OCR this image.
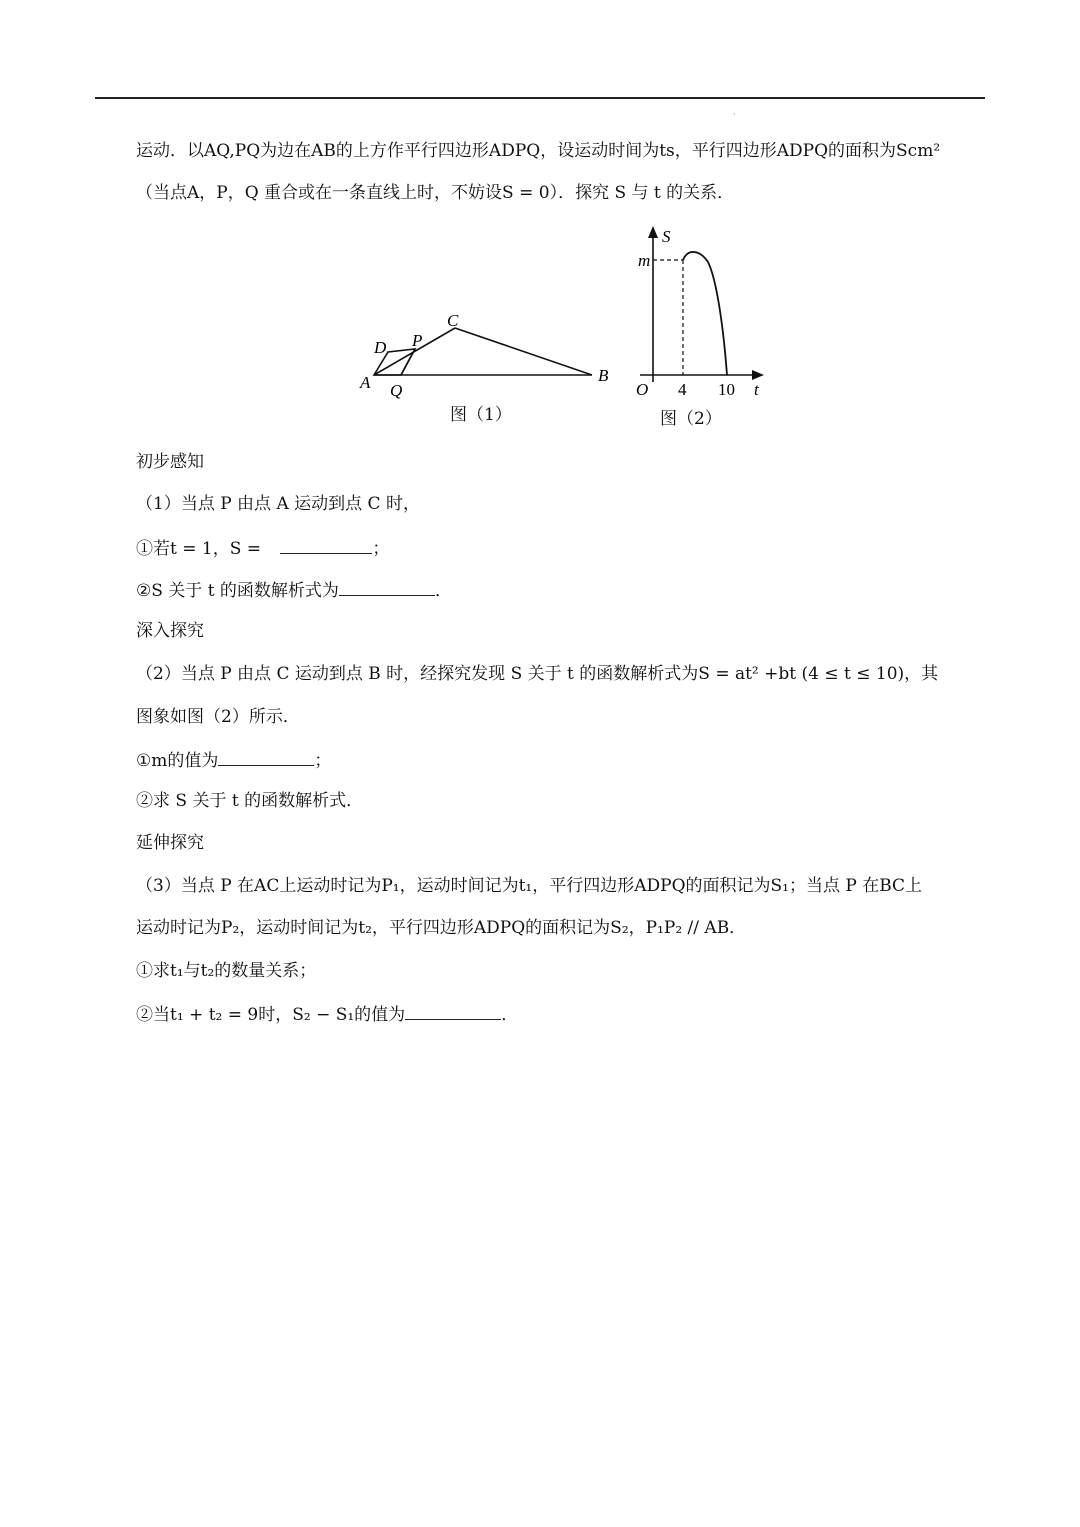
·
运动．以AQ,PQ为边在AB的上方作平行四边形ADPQ，设运动时间为ts，平行四边形ADPQ的面积为Scm²
（当点A，P，Q 重合或在一条直线上时，不妨设S = 0）．探究 S 与 t 的关系．
A
D P
C
Q
B
S
m
O 4 10 t
图（1）	图（2）
初步感知
（1）当点 P 由点 A 运动到点 C 时，
①若t = 1，S =	；
②S 关于 t 的函数解析式为	．
深入探究
（2）当点 P 由点 C 运动到点 B 时，经探究发现 S 关于 t 的函数解析式为S = at² +bt (4 ≤ t ≤ 10)，其
图象如图（2）所示．
①m的值为	；
②求 S 关于 t 的函数解析式．
延伸探究
（3）当点 P 在AC上运动时记为P₁，运动时间记为t₁，平行四边形ADPQ的面积记为S₁；当点 P 在BC上
运动时记为P₂，运动时间记为t₂，平行四边形ADPQ的面积记为S₂，P₁P₂ // AB．
①求t₁与t₂的数量关系；
②当t₁ + t₂ = 9时，S₂ − S₁的值为	．
